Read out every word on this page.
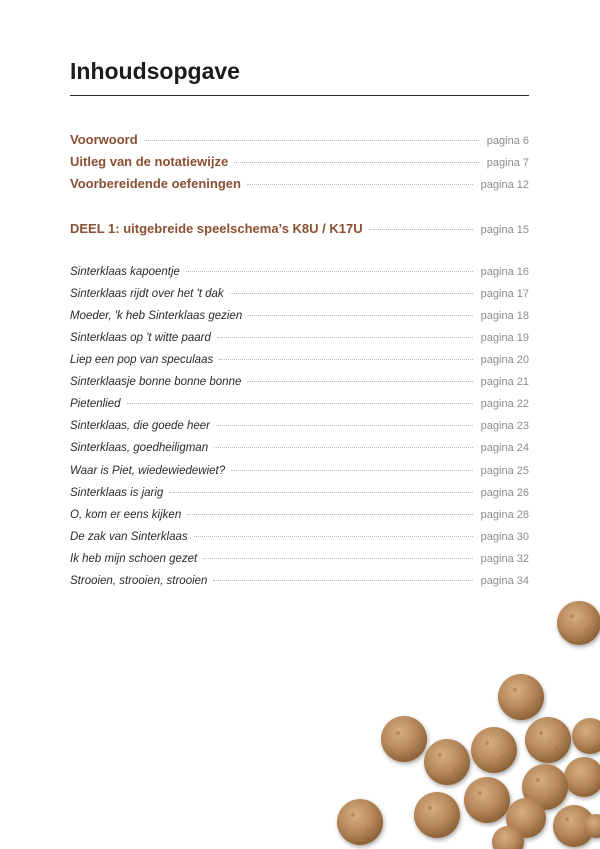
Inhoudsopgave
Voorwoord	pagina 6
Uitleg van de notatiewijze	pagina 7
Voorbereidende oefeningen	pagina 12
DEEL 1: uitgebreide speelschema’s K8U / K17U	pagina 15
Sinterklaas kapoentje	pagina 16
Sinterklaas rijdt over het 't dak	pagina 17
Moeder, 'k heb Sinterklaas gezien	pagina 18
Sinterklaas op 't witte paard	pagina 19
Liep een pop van speculaas	pagina 20
Sinterklaasje bonne bonne bonne	pagina 21
Pietenlied	pagina 22
Sinterklaas, die goede heer	pagina 23
Sinterklaas, goedheiligman	pagina 24
Waar is Piet, wiedewiedewiet?	pagina 25
Sinterklaas is jarig	pagina 26
O, kom er eens kijken	pagina 28
De zak van Sinterklaas	pagina 30
Ik heb mijn schoen gezet	pagina 32
Strooien, strooien, strooien	pagina 34
